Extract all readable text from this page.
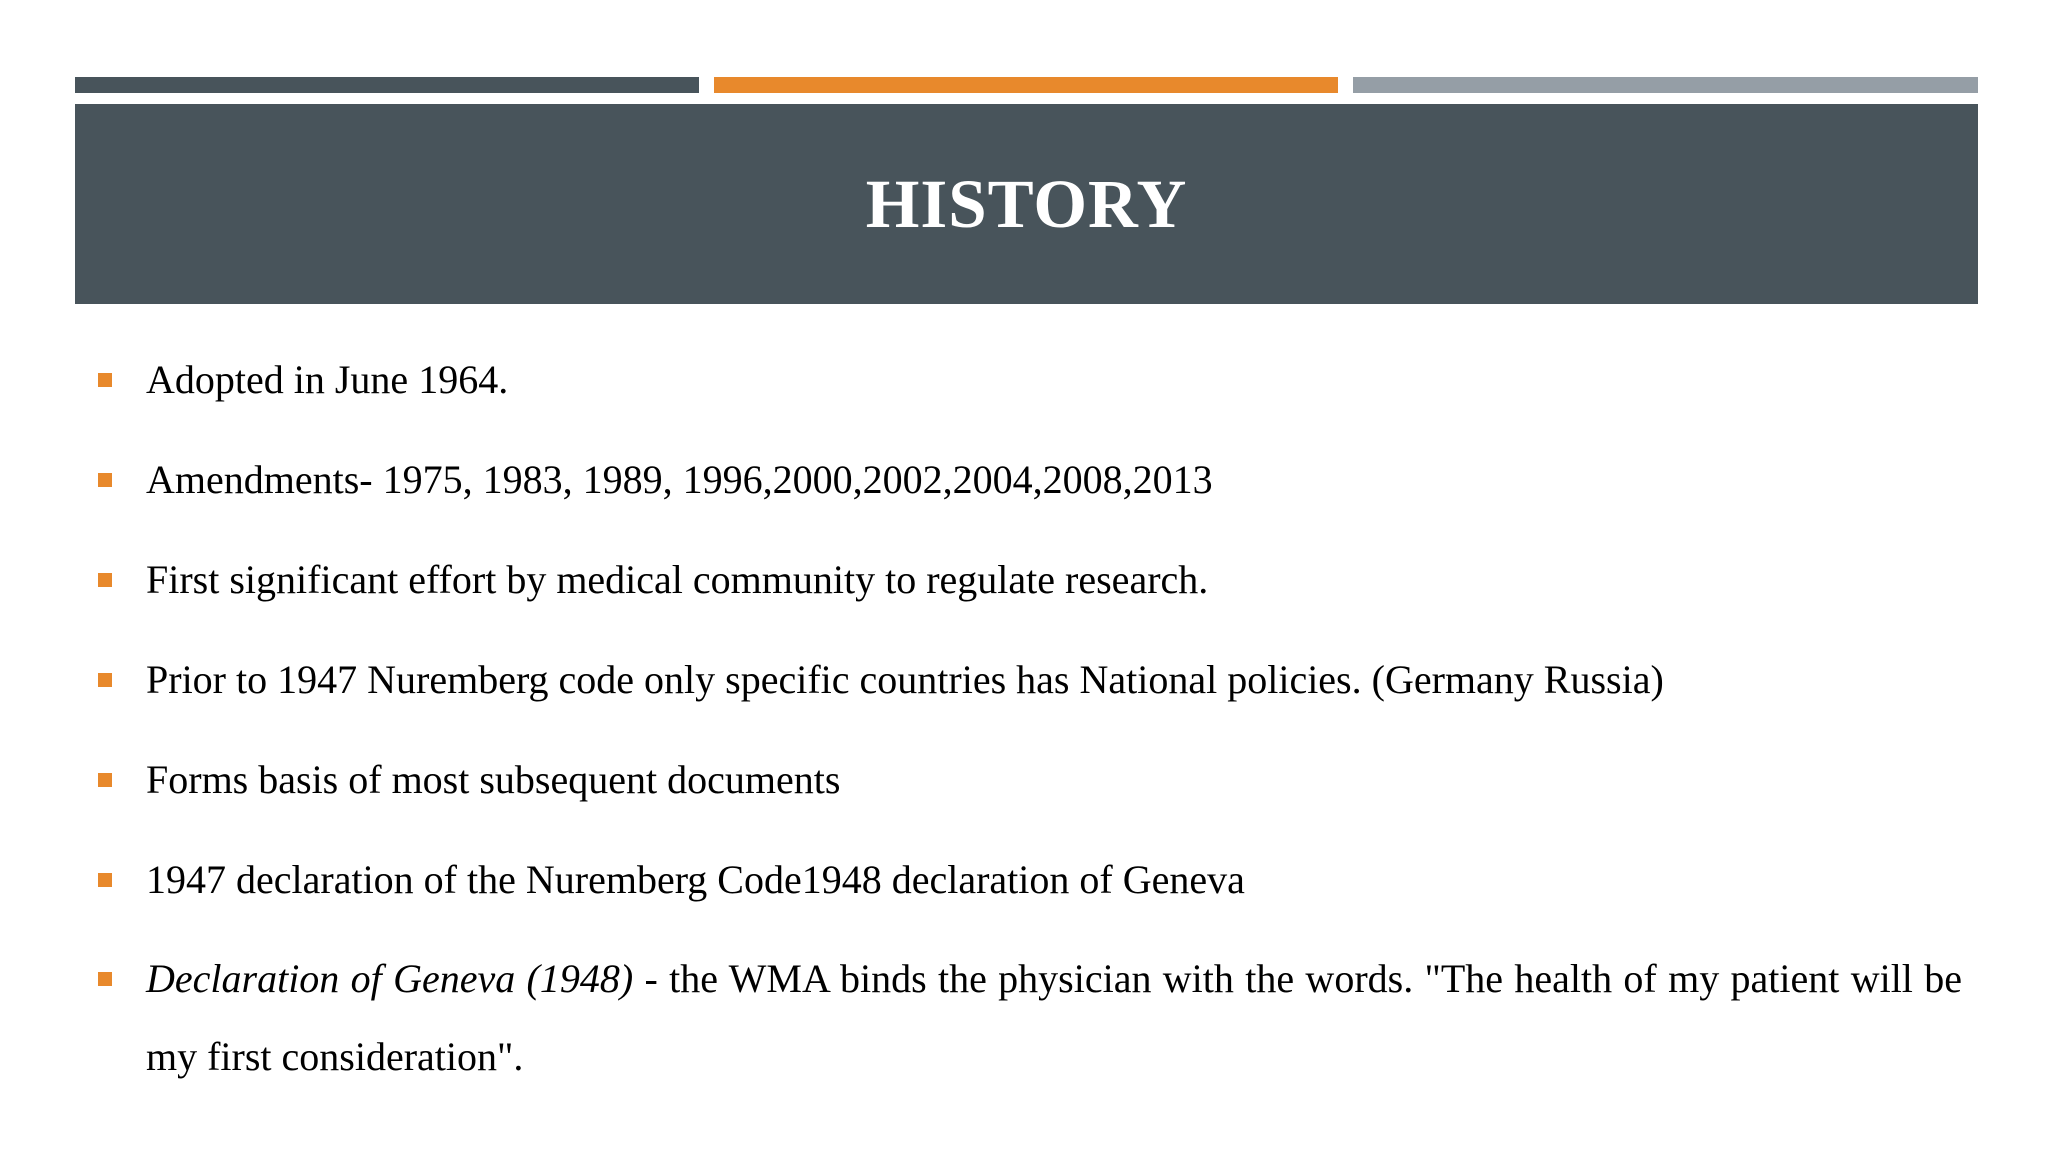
HISTORY
Adopted in June 1964.
Amendments- 1975, 1983, 1989, 1996,2000,2002,2004,2008,2013
First significant effort by medical community to regulate research.
Prior to 1947 Nuremberg code only specific countries has National policies. (Germany Russia)
Forms basis of most subsequent documents
1947 declaration of the Nuremberg Code1948 declaration of Geneva
Declaration of Geneva (1948) - the WMA binds the physician with the words. "The health of my patient will be my first consideration".
